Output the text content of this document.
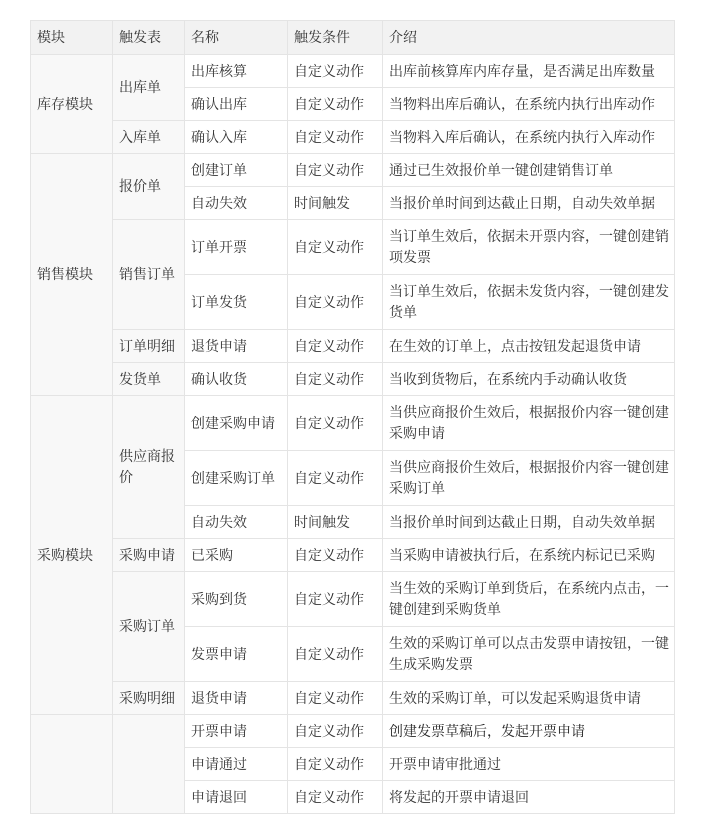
模块	触发表	名称	触发条件	介绍
库存模块	出库单	出库核算	自定义动作	出库前核算库内库存量，是否满足出库数量
		确认出库	自定义动作	当物料出库后确认，在系统内执行出库动作
	入库单	确认入库	自定义动作	当物料入库后确认，在系统内执行入库动作
销售模块	报价单	创建订单	自定义动作	通过已生效报价单一键创建销售订单
		自动失效	时间触发	当报价单时间到达截止日期，自动失效单据
	销售订单	订单开票	自定义动作	当订单生效后，依据未开票内容，一键创建销项发票
		订单发货	自定义动作	当订单生效后，依据未发货内容，一键创建发货单
	订单明细	退货申请	自定义动作	在生效的订单上，点击按钮发起退货申请
	发货单	确认收货	自定义动作	当收到货物后，在系统内手动确认收货
采购模块	供应商报价	创建采购申请	自定义动作	当供应商报价生效后，根据报价内容一键创建采购申请
		创建采购订单	自定义动作	当供应商报价生效后，根据报价内容一键创建采购订单
		自动失效	时间触发	当报价单时间到达截止日期，自动失效单据
	采购申请	已采购	自定义动作	当采购申请被执行后，在系统内标记已采购
	采购订单	采购到货	自定义动作	当生效的采购订单到货后，在系统内点击，一键创建到采购货单
		发票申请	自定义动作	生效的采购订单可以点击发票申请按钮，一键生成采购发票
	采购明细	退货申请	自定义动作	生效的采购订单，可以发起采购退货申请
		开票申请	自定义动作	创建发票草稿后，发起开票申请
		申请通过	自定义动作	开票申请审批通过
		申请退回	自定义动作	将发起的开票申请退回
